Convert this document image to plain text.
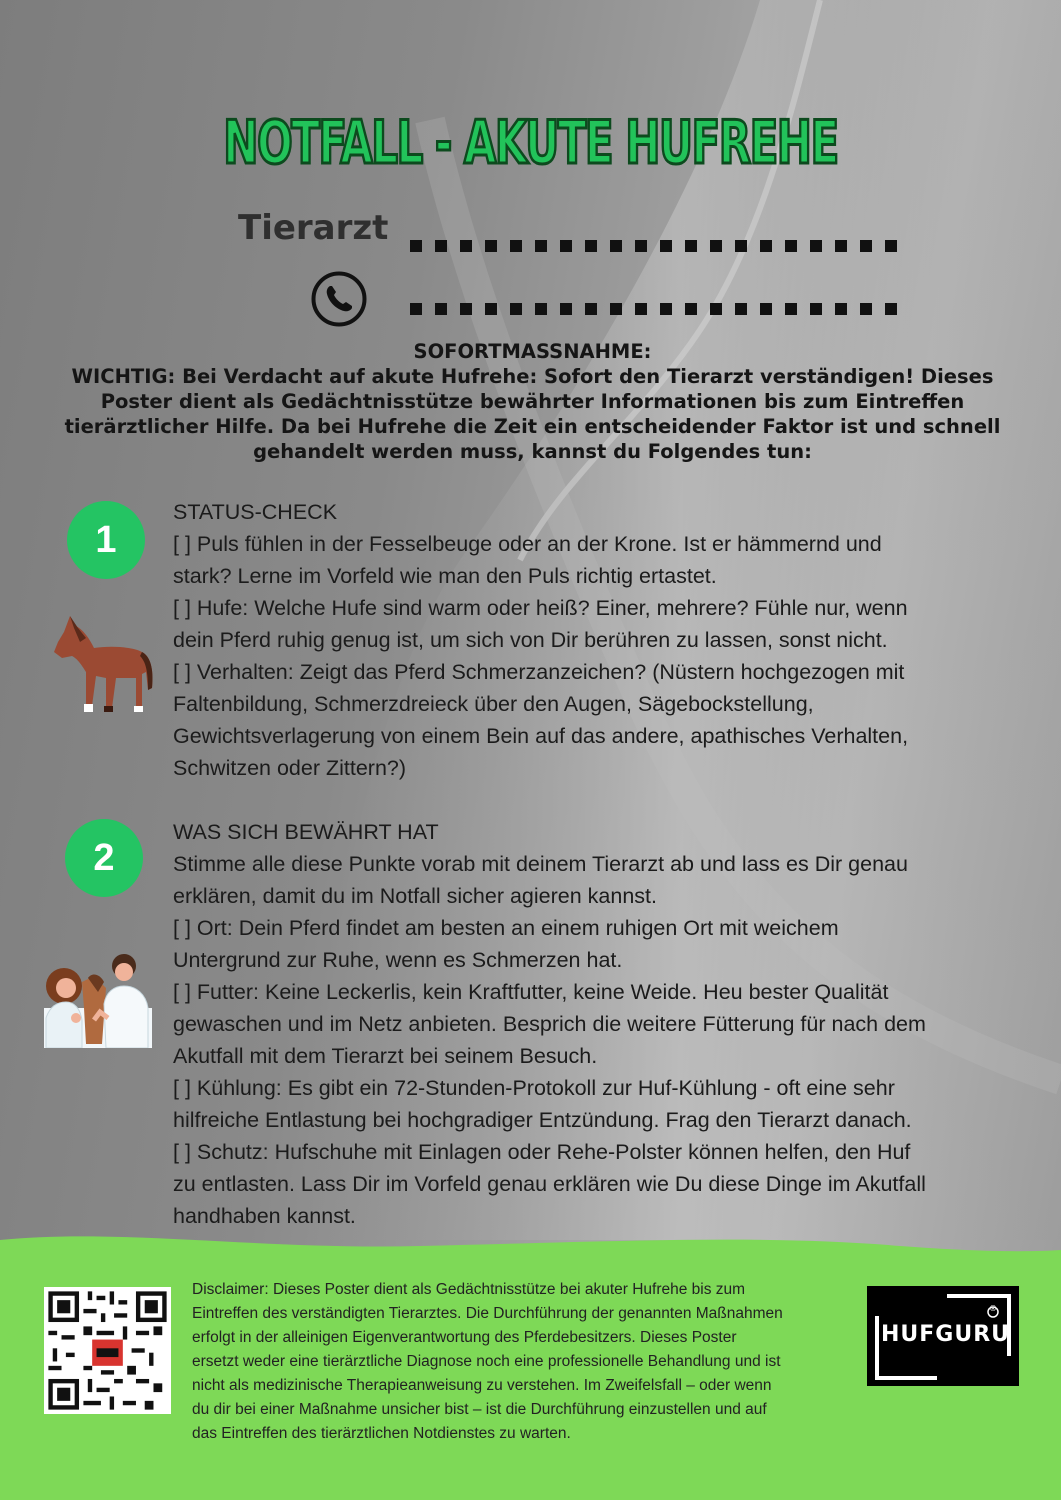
NOTFALL - AKUTE HUFREHE
Tierarzt
SOFORTMASSNAHME:
WICHTIG: Bei Verdacht auf akute Hufrehe: Sofort den Tierarzt verständigen! Dieses
Poster dient als Gedächtnisstütze bewährter Informationen bis zum Eintreffen
tierärztlicher Hilfe. Da bei Hufrehe die Zeit ein entscheidender Faktor ist und schnell
gehandelt werden muss, kannst du Folgendes tun:
1
STATUS-CHECK
[ ] Puls fühlen in der Fesselbeuge oder an der Krone. Ist er hämmernd und
stark? Lerne im Vorfeld wie man den Puls richtig ertastet.
[ ] Hufe: Welche Hufe sind warm oder heiß? Einer, mehrere? Fühle nur, wenn
dein Pferd ruhig genug ist, um sich von Dir berühren zu lassen, sonst nicht.
[ ] Verhalten: Zeigt das Pferd Schmerzanzeichen? (Nüstern hochgezogen mit
Faltenbildung, Schmerzdreieck über den Augen, Sägebockstellung,
Gewichtsverlagerung von einem Bein auf das andere, apathisches Verhalten,
Schwitzen oder Zittern?)
2
WAS SICH BEWÄHRT HAT
Stimme alle diese Punkte vorab mit deinem Tierarzt ab und lass es Dir genau
erklären, damit du im Notfall sicher agieren kannst.
[ ] Ort: Dein Pferd findet am besten an einem ruhigen Ort mit weichem
Untergrund zur Ruhe, wenn es Schmerzen hat.
[ ] Futter: Keine Leckerlis, kein Kraftfutter, keine Weide. Heu bester Qualität
gewaschen und im Netz anbieten. Besprich die weitere Fütterung für nach dem
Akutfall mit dem Tierarzt bei seinem Besuch.
[ ] Kühlung: Es gibt ein 72-Stunden-Protokoll zur Huf-Kühlung - oft eine sehr
hilfreiche Entlastung bei hochgradiger Entzündung. Frag den Tierarzt danach.
[ ] Schutz: Hufschuhe mit Einlagen oder Rehe-Polster können helfen, den Huf
zu entlasten. Lass Dir im Vorfeld genau erklären wie Du diese Dinge im Akutfall
handhaben kannst.
Disclaimer: Dieses Poster dient als Gedächtnisstütze bei akuter Hufrehe bis zum
Eintreffen des verständigten Tierarztes. Die Durchführung der genannten Maßnahmen
erfolgt in der alleinigen Eigenverantwortung des Pferdebesitzers. Dieses Poster
ersetzt weder eine tierärztliche Diagnose noch eine professionelle Behandlung und ist
nicht als medizinische Therapieanweisung zu verstehen. Im Zweifelsfall – oder wenn
du dir bei einer Maßnahme unsicher bist – ist die Durchführung einzustellen und auf
das Eintreffen des tierärztlichen Notdienstes zu warten.
HUFGURU
®
